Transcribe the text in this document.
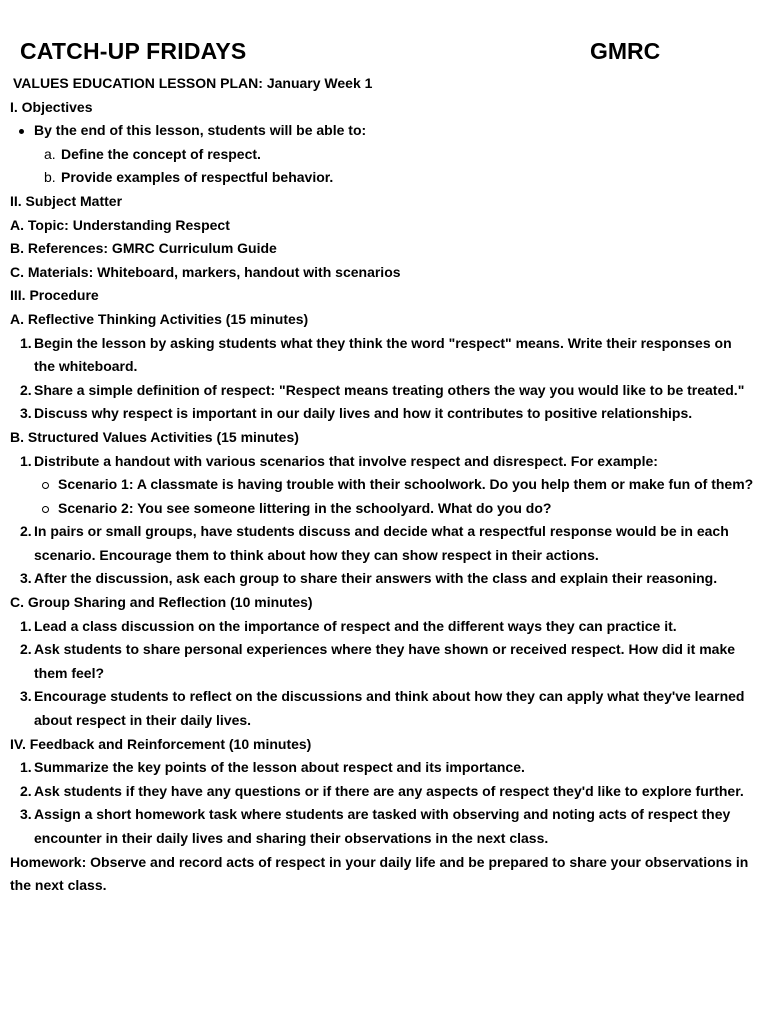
CATCH-UP FRIDAYS	GMRC
VALUES EDUCATION LESSON PLAN: January Week 1
I. Objectives
By the end of this lesson, students will be able to:
a. Define the concept of respect.
b. Provide examples of respectful behavior.
II. Subject Matter
A. Topic: Understanding Respect
B. References: GMRC Curriculum Guide
C. Materials: Whiteboard, markers, handout with scenarios
III. Procedure
A. Reflective Thinking Activities (15 minutes)
1. Begin the lesson by asking students what they think the word "respect" means. Write their responses on the whiteboard.
2. Share a simple definition of respect: "Respect means treating others the way you would like to be treated."
3. Discuss why respect is important in our daily lives and how it contributes to positive relationships.
B. Structured Values Activities (15 minutes)
1. Distribute a handout with various scenarios that involve respect and disrespect. For example:
Scenario 1: A classmate is having trouble with their schoolwork. Do you help them or make fun of them?
Scenario 2: You see someone littering in the schoolyard. What do you do?
2. In pairs or small groups, have students discuss and decide what a respectful response would be in each scenario. Encourage them to think about how they can show respect in their actions.
3. After the discussion, ask each group to share their answers with the class and explain their reasoning.
C. Group Sharing and Reflection (10 minutes)
1. Lead a class discussion on the importance of respect and the different ways they can practice it.
2. Ask students to share personal experiences where they have shown or received respect. How did it make them feel?
3. Encourage students to reflect on the discussions and think about how they can apply what they've learned about respect in their daily lives.
IV. Feedback and Reinforcement (10 minutes)
1. Summarize the key points of the lesson about respect and its importance.
2. Ask students if they have any questions or if there are any aspects of respect they'd like to explore further.
3. Assign a short homework task where students are tasked with observing and noting acts of respect they encounter in their daily lives and sharing their observations in the next class.
Homework: Observe and record acts of respect in your daily life and be prepared to share your observations in the next class.
